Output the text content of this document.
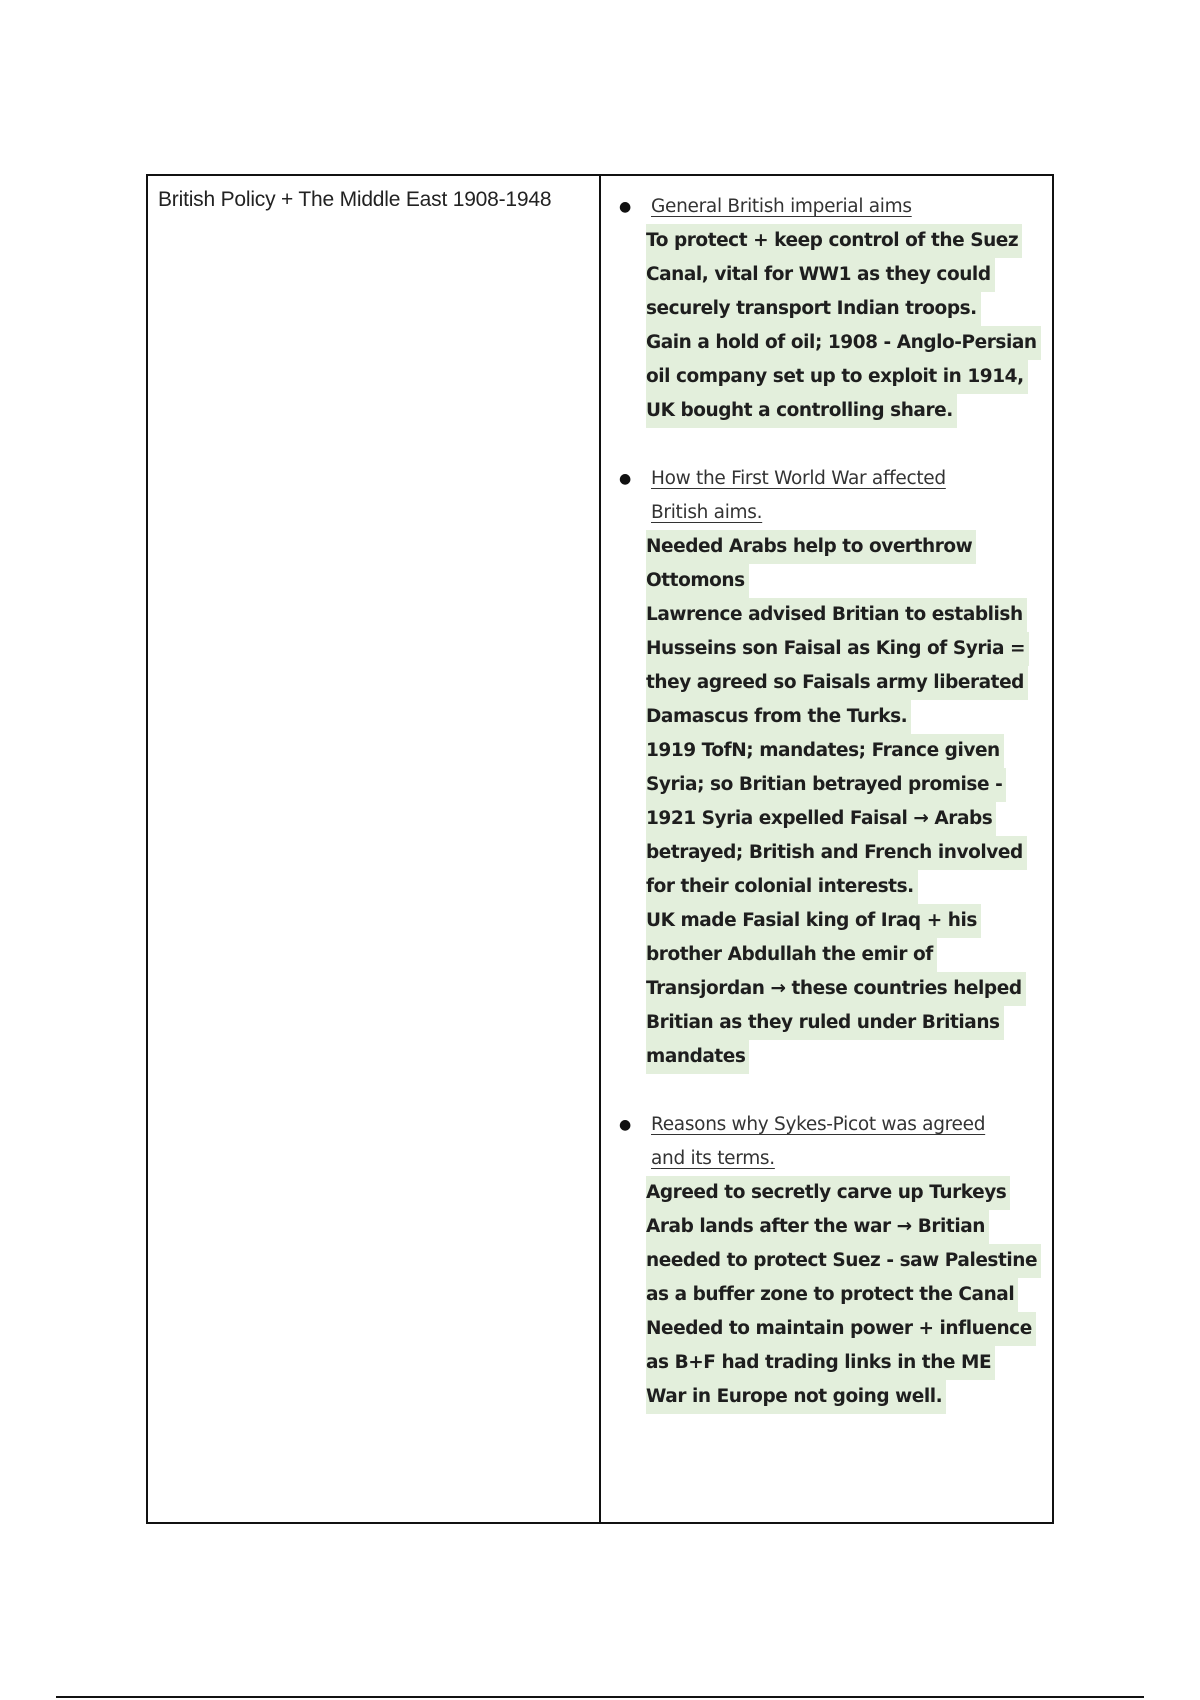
British Policy + The Middle East 1908-1948	●	General British imperial aims
To protect + keep control of the Suez
Canal, vital for WW1 as they could
securely transport Indian troops.
Gain a hold of oil; 1908 - Anglo-Persian
oil company set up to exploit in 1914,
UK bought a controlling share.
●	How the First World War affected
British aims.
Needed Arabs help to overthrow
Ottomons
Lawrence advised Britian to establish
Husseins son Faisal as King of Syria =
they agreed so Faisals army liberated
Damascus from the Turks.
1919 TofN; mandates; France given
Syria; so Britian betrayed promise -
1921 Syria expelled Faisal → Arabs
betrayed; British and French involved
for their colonial interests.
UK made Fasial king of Iraq + his
brother Abdullah the emir of
Transjordan → these countries helped
Britian as they ruled under Britians
mandates
●	Reasons why Sykes-Picot was agreed
and its terms.
Agreed to secretly carve up Turkeys
Arab lands after the war → Britian
needed to protect Suez - saw Palestine
as a buffer zone to protect the Canal
Needed to maintain power + influence
as B+F had trading links in the ME
War in Europe not going well.
